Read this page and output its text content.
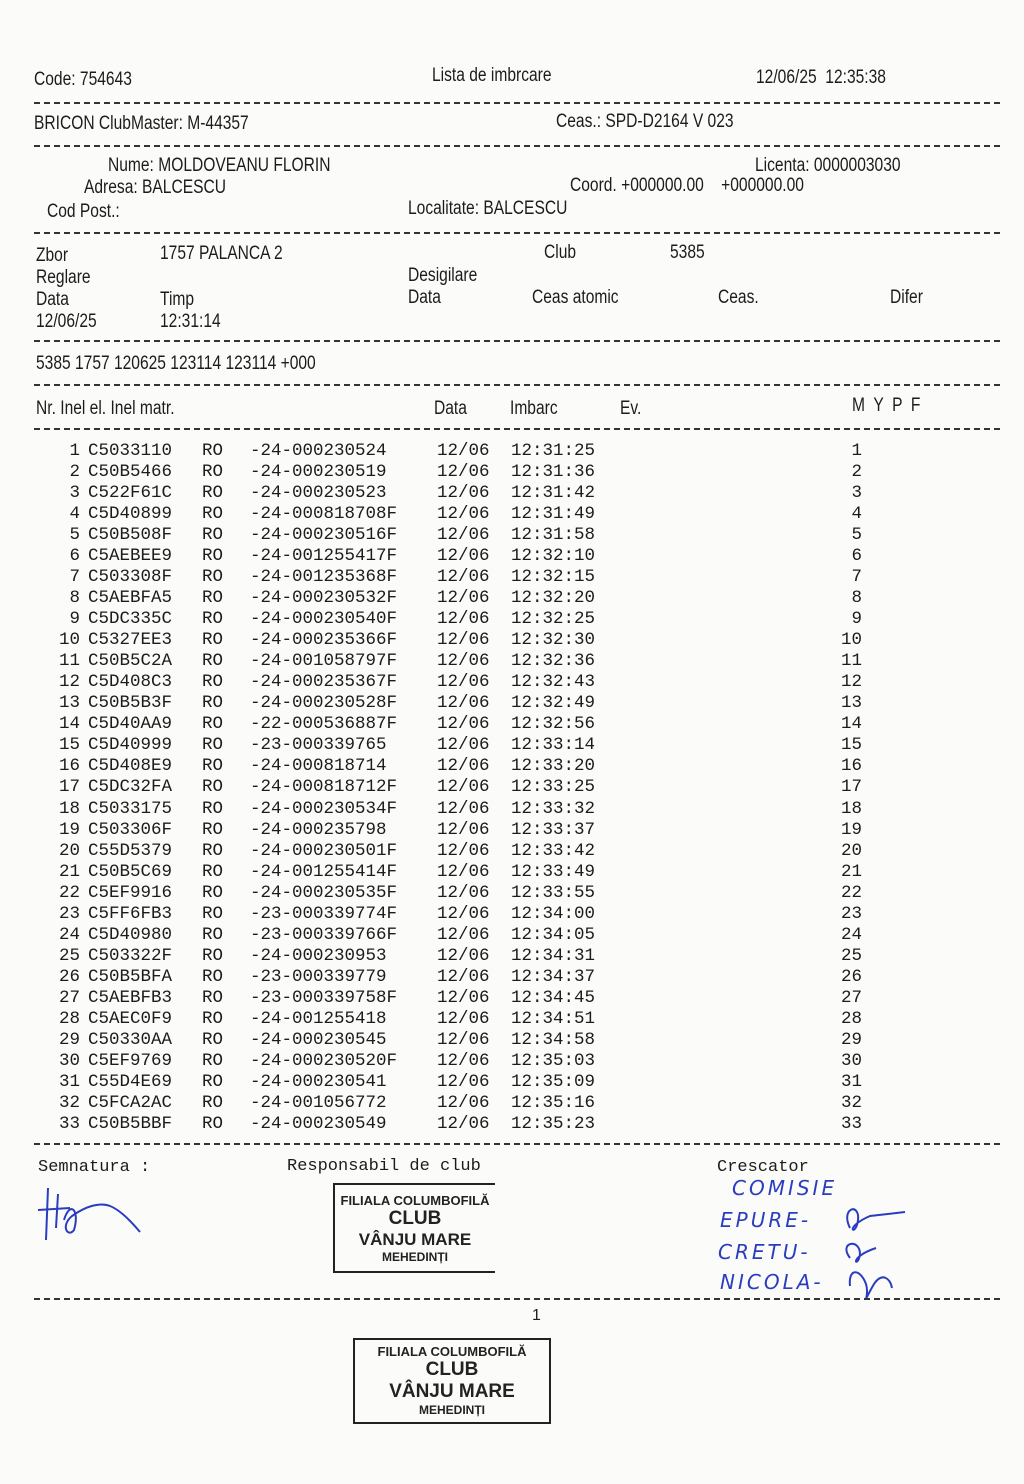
Code: 754643	Lista de imbrcare	12/06/25  12:35:38
BRICON ClubMaster: M-44357	Ceas.: SPD-D2164 V 023
Nume: MOLDOVEANU FLORIN	Licenta: 0000003030
Adresa: BALCESCU	Coord. +000000.00    +000000.00
Cod Post.:	Localitate: BALCESCU
Zbor	1757 PALANCA 2	Club	5385
Reglare	Desigilare
Data	Timp	Data	Ceas atomic	Ceas.	Difer
12/06/25	12:31:14
5385 1757 120625 123114 123114 +000
Nr. Inel el. Inel matr.	Data Imbarc	Ev.	M  Y  P  F
1 C5033110 RO -24-000230524	12/06 12:31:25	1
2 C50B5466 RO -24-000230519	12/06 12:31:36	2
3 C522F61C RO -24-000230523	12/06 12:31:42	3
4 C5D40899 RO -24-000818708F 12/06 12:31:49	4
5 C50B508F RO -24-000230516F 12/06 12:31:58	5
6 C5AEBEE9 RO -24-001255417F 12/06 12:32:10	6
7 C503308F RO -24-001235368F 12/06 12:32:15	7
8 C5AEBFA5 RO -24-000230532F 12/06 12:32:20	8
9 C5DC335C RO -24-000230540F 12/06 12:32:25	9
10 C5327EE3 RO -24-000235366F 12/06 12:32:30	10
11 C50B5C2A RO -24-001058797F 12/06 12:32:36	11
12 C5D408C3 RO -24-000235367F 12/06 12:32:43	12
13 C50B5B3F RO -24-000230528F 12/06 12:32:49	13
14 C5D40AA9 RO -22-000536887F 12/06 12:32:56	14
15 C5D40999 RO -23-000339765	12/06 12:33:14	15
16 C5D408E9 RO -24-000818714	12/06 12:33:20	16
17 C5DC32FA RO -24-000818712F 12/06 12:33:25	17
18 C5033175 RO -24-000230534F 12/06 12:33:32	18
19 C503306F RO -24-000235798	12/06 12:33:37	19
20 C55D5379 RO -24-000230501F 12/06 12:33:42	20
21 C50B5C69 RO -24-001255414F 12/06 12:33:49	21
22 C5EF9916 RO -24-000230535F 12/06 12:33:55	22
23 C5FF6FB3 RO -23-000339774F 12/06 12:34:00	23
24 C5D40980 RO -23-000339766F 12/06 12:34:05	24
25 C503322F RO -24-000230953	12/06 12:34:31	25
26 C50B5BFA RO -23-000339779	12/06 12:34:37	26
27 C5AEBFB3 RO -23-000339758F 12/06 12:34:45	27
28 C5AEC0F9 RO -24-001255418	12/06 12:34:51	28
29 C50330AA RO -24-000230545	12/06 12:34:58	29
30 C5EF9769 RO -24-000230520F 12/06 12:35:03	30
31 C55D4E69 RO -24-000230541	12/06 12:35:09	31
32 C5FCA2AC RO -24-001056772	12/06 12:35:16	32
33 C50B5BBF RO -24-000230549	12/06 12:35:23	33
Semnatura :	Responsabil de club	Crescator
FILIALA COLUMBOFILĂ
CLUB
VÂNJU MARE
MEHEDINȚI
COMISIE
EPURE-
CRETU-
NICOLA-
1
FILIALA COLUMBOFILĂ
CLUB
VÂNJU MARE
MEHEDINȚI
